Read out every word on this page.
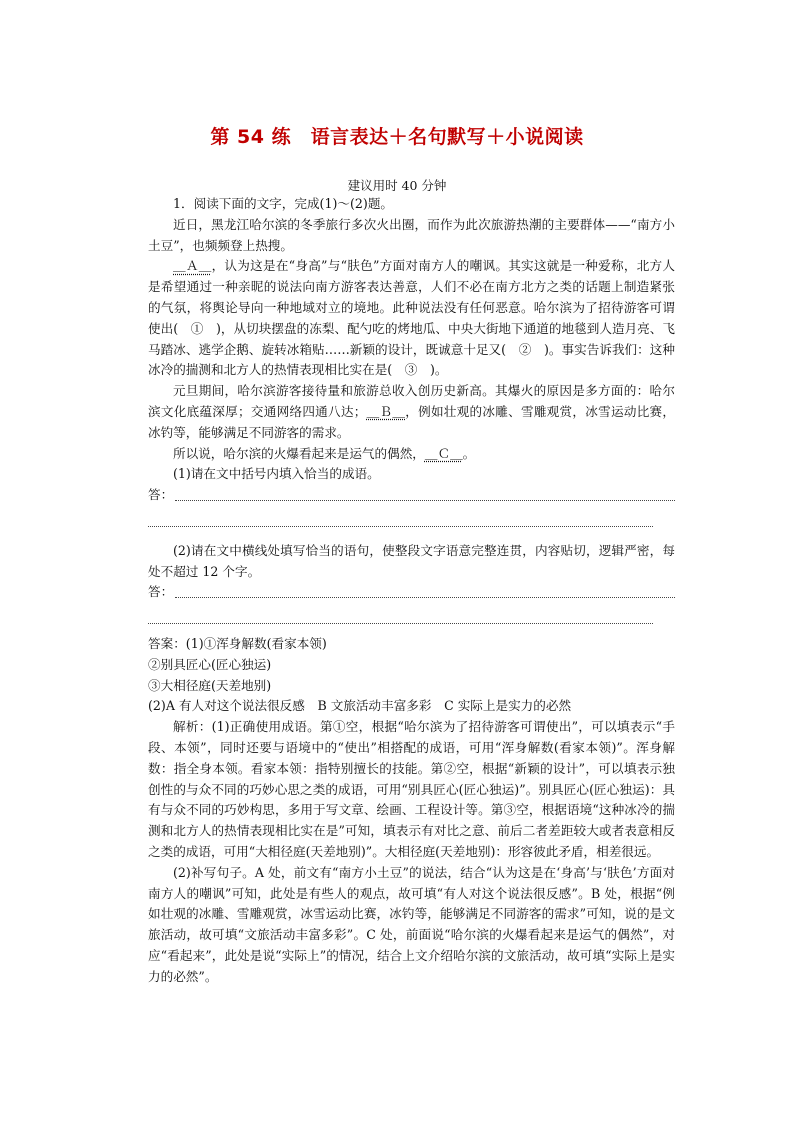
第 54 练　语言表达＋名句默写＋小说阅读
建议用时 40 分钟

1．阅读下面的文字，完成(1)～(2)题。

近日，黑龙江哈尔滨的冬季旅行多次火出圈，而作为此次旅游热潮的主要群体——“南方小土豆”，也频频登上热搜。

＿Ａ＿，认为这是在“身高”与“肤色”方面对南方人的嘲讽。其实这就是一种爱称，北方人是希望通过一种亲昵的说法向南方游客表达善意，人们不必在南方北方之类的话题上制造紧张的气氛，将舆论导向一种地域对立的境地。此种说法没有任何恶意。哈尔滨为了招待游客可谓使出(　①　)，从切块摆盘的冻梨、配勺吃的烤地瓜、中央大街地下通道的地毯到人造月亮、飞马踏冰、逃学企鹅、旋转冰箱贴……新颖的设计，既诚意十足又(　②　)。事实告诉我们：这种冰冷的揣测和北方人的热情表现相比实在是(　③　)。

元旦期间，哈尔滨游客接待量和旅游总收入创历史新高。其爆火的原因是多方面的：哈尔滨文化底蕴深厚；交通网络四通八达；＿Ｂ＿，例如壮观的冰雕、雪雕观赏，冰雪运动比赛，冰钓等，能够满足不同游客的需求。

所以说，哈尔滨的火爆看起来是运气的偶然，＿Ｃ＿。

(1)请在文中括号内填入恰当的成语。

答：

(2)请在文中横线处填写恰当的语句，使整段文字语意完整连贯，内容贴切，逻辑严密，每处不超过 12 个字。

答：

答案：(1)①浑身解数(看家本领)

②别具匠心(匠心独运)

③大相径庭(天差地别)

(2)A 有人对这个说法很反感　B 文旅活动丰富多彩　C 实际上是实力的必然

解析：(1)正确使用成语。第①空，根据“哈尔滨为了招待游客可谓使出”，可以填表示“手段、本领”，同时还要与语境中的“使出”相搭配的成语，可用“浑身解数(看家本领)”。浑身解数：指全身本领。看家本领：指特别擅长的技能。第②空，根据“新颖的设计”，可以填表示独创性的与众不同的巧妙心思之类的成语，可用“别具匠心(匠心独运)”。别具匠心(匠心独运)：具有与众不同的巧妙构思，多用于写文章、绘画、工程设计等。第③空，根据语境“这种冰冷的揣测和北方人的热情表现相比实在是”可知，填表示有对比之意、前后二者差距较大或者表意相反之类的成语，可用“大相径庭(天差地别)”。大相径庭(天差地别)：形容彼此矛盾，相差很远。

(2)补写句子。A 处，前文有“南方小土豆”的说法，结合“认为这是在‘身高’与‘肤色’方面对南方人的嘲讽”可知，此处是有些人的观点，故可填“有人对这个说法很反感”。B 处，根据“例如壮观的冰雕、雪雕观赏，冰雪运动比赛，冰钓等，能够满足不同游客的需求”可知，说的是文旅活动，故可填“文旅活动丰富多彩”。C 处，前面说“哈尔滨的火爆看起来是运气的偶然”，对应“看起来”，此处是说“实际上”的情况，结合上文介绍哈尔滨的文旅活动，故可填“实际上是实力的必然”。
